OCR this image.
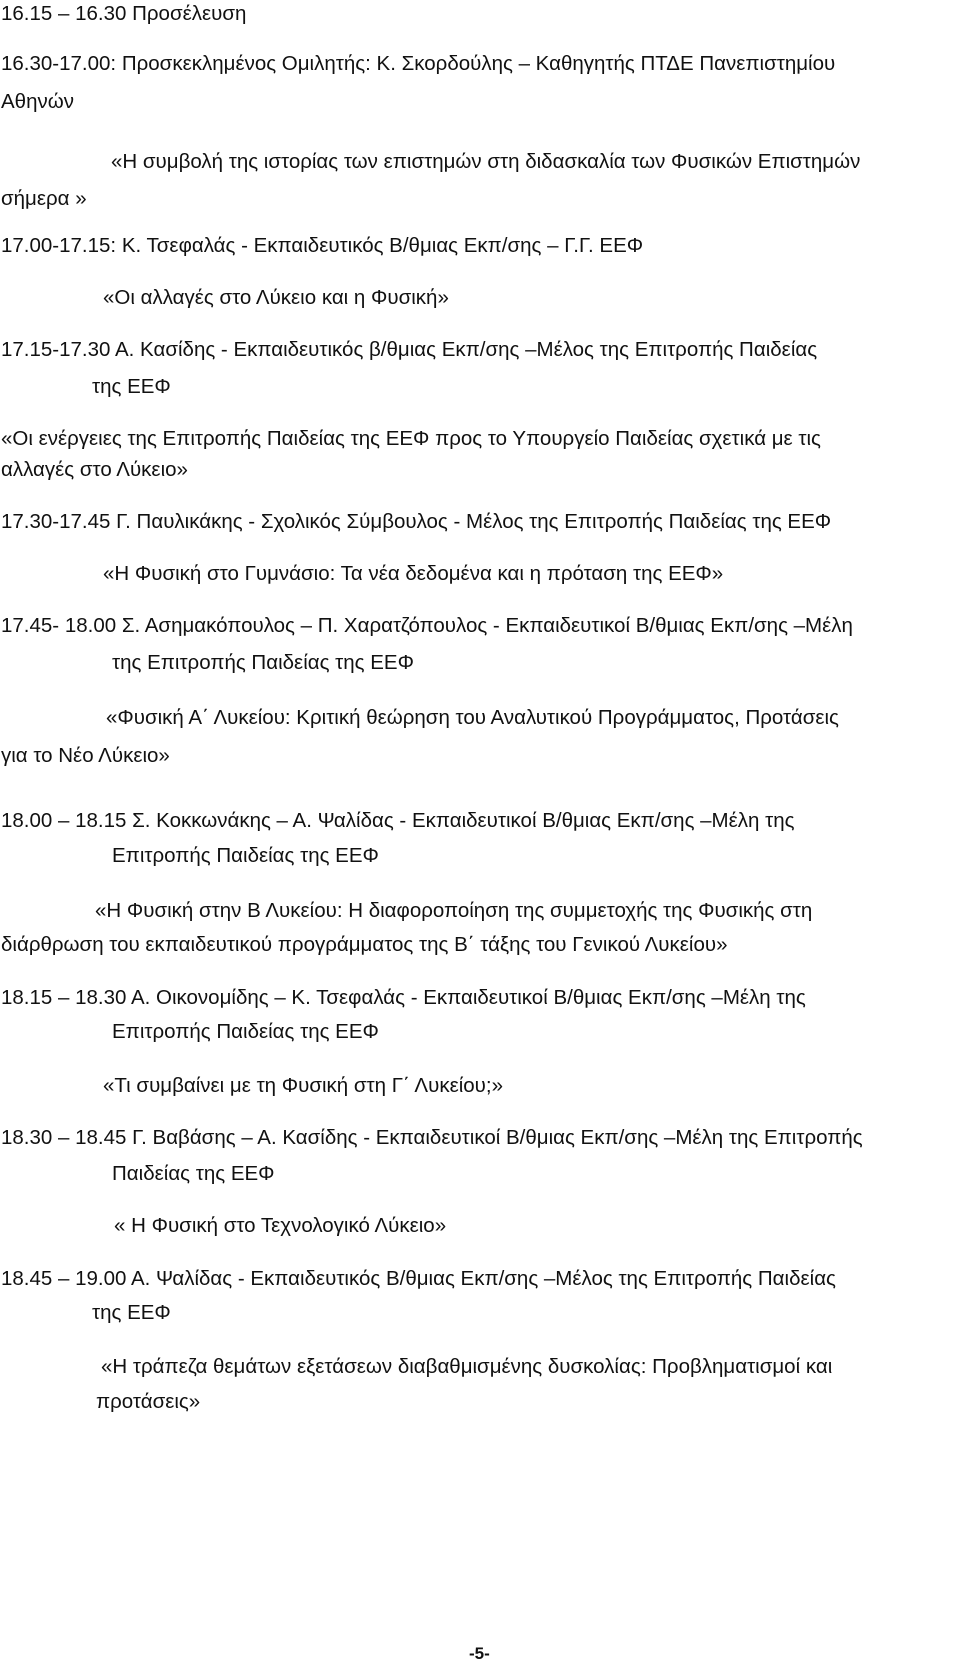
16.15 – 16.30 Προσέλευση
16.30-17.00: Προσκεκλημένος Ομιλητής: Κ. Σκορδούλης – Καθηγητής ΠΤΔΕ Πανεπιστημίου
Αθηνών
«Η συμβολή της ιστορίας των επιστημών στη διδασκαλία των Φυσικών Επιστημών
σήμερα »
17.00-17.15: Κ. Τσεφαλάς - Εκπαιδευτικός Β/θμιας Εκπ/σης – Γ.Γ. ΕΕΦ
«Οι αλλαγές στο Λύκειο και η Φυσική»
17.15-17.30 Α. Κασίδης - Εκπαιδευτικός β/θμιας Εκπ/σης –Μέλος της Επιτροπής Παιδείας
της ΕΕΦ
«Οι ενέργειες της Επιτροπής Παιδείας της ΕΕΦ προς το Υπουργείο Παιδείας σχετικά με τις
αλλαγές στο Λύκειο»
17.30-17.45 Γ. Παυλικάκης - Σχολικός Σύμβουλος - Μέλος της Επιτροπής Παιδείας της ΕΕΦ
«Η Φυσική στο Γυμνάσιο: Τα νέα δεδομένα και η πρόταση της ΕΕΦ»
17.45- 18.00 Σ. Ασημακόπουλος – Π. Χαρατζόπουλος - Εκπαιδευτικοί Β/θμιας Εκπ/σης –Μέλη
της Επιτροπής Παιδείας της ΕΕΦ
«Φυσική Α΄ Λυκείου: Κριτική θεώρηση του Αναλυτικού Προγράμματος, Προτάσεις
για το Νέο Λύκειο»
18.00 – 18.15 Σ. Κοκκωνάκης – Α. Ψαλίδας - Εκπαιδευτικοί Β/θμιας Εκπ/σης –Μέλη της
Επιτροπής Παιδείας της ΕΕΦ
«Η Φυσική στην Β Λυκείου: Η διαφοροποίηση της συμμετοχής της Φυσικής στη
διάρθρωση του εκπαιδευτικού προγράμματος της Β΄ τάξης του Γενικού Λυκείου»
18.15 – 18.30 Α. Οικονομίδης – Κ. Τσεφαλάς - Εκπαιδευτικοί Β/θμιας Εκπ/σης –Μέλη της
Επιτροπής Παιδείας της ΕΕΦ
«Τι συμβαίνει με τη Φυσική στη Γ΄ Λυκείου;»
18.30 – 18.45 Γ. Βαβάσης – Α. Κασίδης - Εκπαιδευτικοί Β/θμιας Εκπ/σης –Μέλη της Επιτροπής
Παιδείας της ΕΕΦ
« Η Φυσική στο Τεχνολογικό Λύκειο»
18.45 – 19.00 Α. Ψαλίδας - Εκπαιδευτικός Β/θμιας Εκπ/σης –Μέλος της Επιτροπής Παιδείας
της ΕΕΦ
«Η τράπεζα θεμάτων εξετάσεων διαβαθμισμένης δυσκολίας: Προβληματισμοί και
προτάσεις»
-5-
